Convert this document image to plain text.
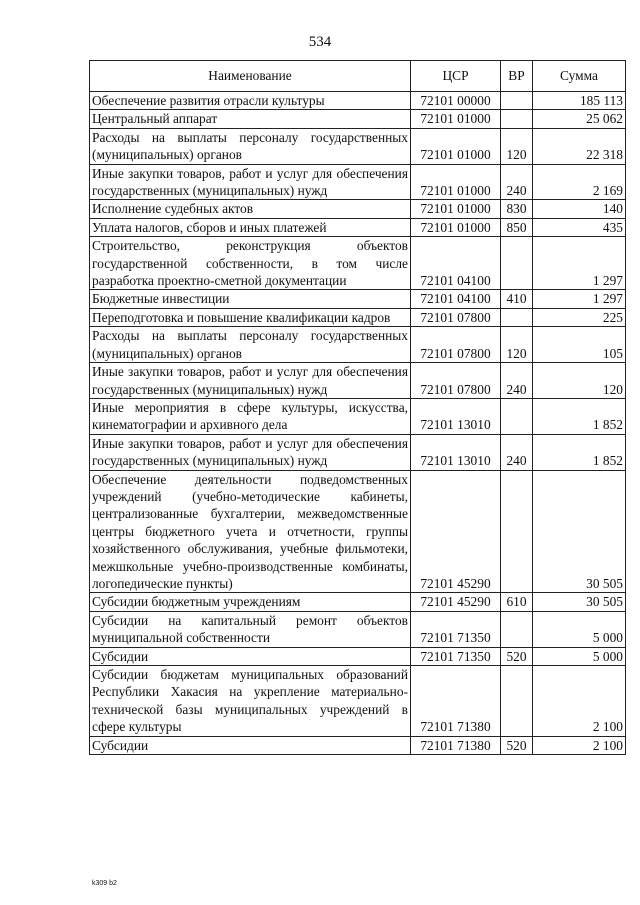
534
Наименование	ЦСР	ВР	Сумма
Обеспечение развития отрасли культуры	72101 00000		185 113
Центральный аппарат	72101 01000		25 062
Расходы на выплаты персоналу государственных (муниципальных) органов	72101 01000	120	22 318
Иные закупки товаров, работ и услуг для обеспечения государственных (муниципальных) нужд	72101 01000	240	2 169
Исполнение судебных актов	72101 01000	830	140
Уплата налогов, сборов и иных платежей	72101 01000	850	435
Строительство, реконструкция объектов государственной собственности, в том числе разработка проектно-сметной документации	72101 04100		1 297
Бюджетные инвестиции	72101 04100	410	1 297
Переподготовка и повышение квалификации кадров	72101 07800		225
Расходы на выплаты персоналу государственных (муниципальных) органов	72101 07800	120	105
Иные закупки товаров, работ и услуг для обеспечения государственных (муниципальных) нужд	72101 07800	240	120
Иные мероприятия в сфере культуры, искусства, кинематографии и архивного дела	72101 13010		1 852
Иные закупки товаров, работ и услуг для обеспечения государственных (муниципальных) нужд	72101 13010	240	1 852
Обеспечение деятельности подведомственных учреждений (учебно-методические кабинеты, централизованные бухгалтерии, межведомственные центры бюджетного учета и отчетности, группы хозяйственного обслуживания, учебные фильмотеки, межшкольные учебно-производственные комбинаты, логопедические пункты)	72101 45290		30 505
Субсидии бюджетным учреждениям	72101 45290	610	30 505
Субсидии на капитальный ремонт объектов муниципальной собственности	72101 71350		5 000
Субсидии	72101 71350	520	5 000
Субсидии бюджетам муниципальных образований Республики Хакасия на укрепление материально-технической базы муниципальных учреждений в сфере культуры	72101 71380		2 100
Субсидии	72101 71380	520	2 100
k309 b2
